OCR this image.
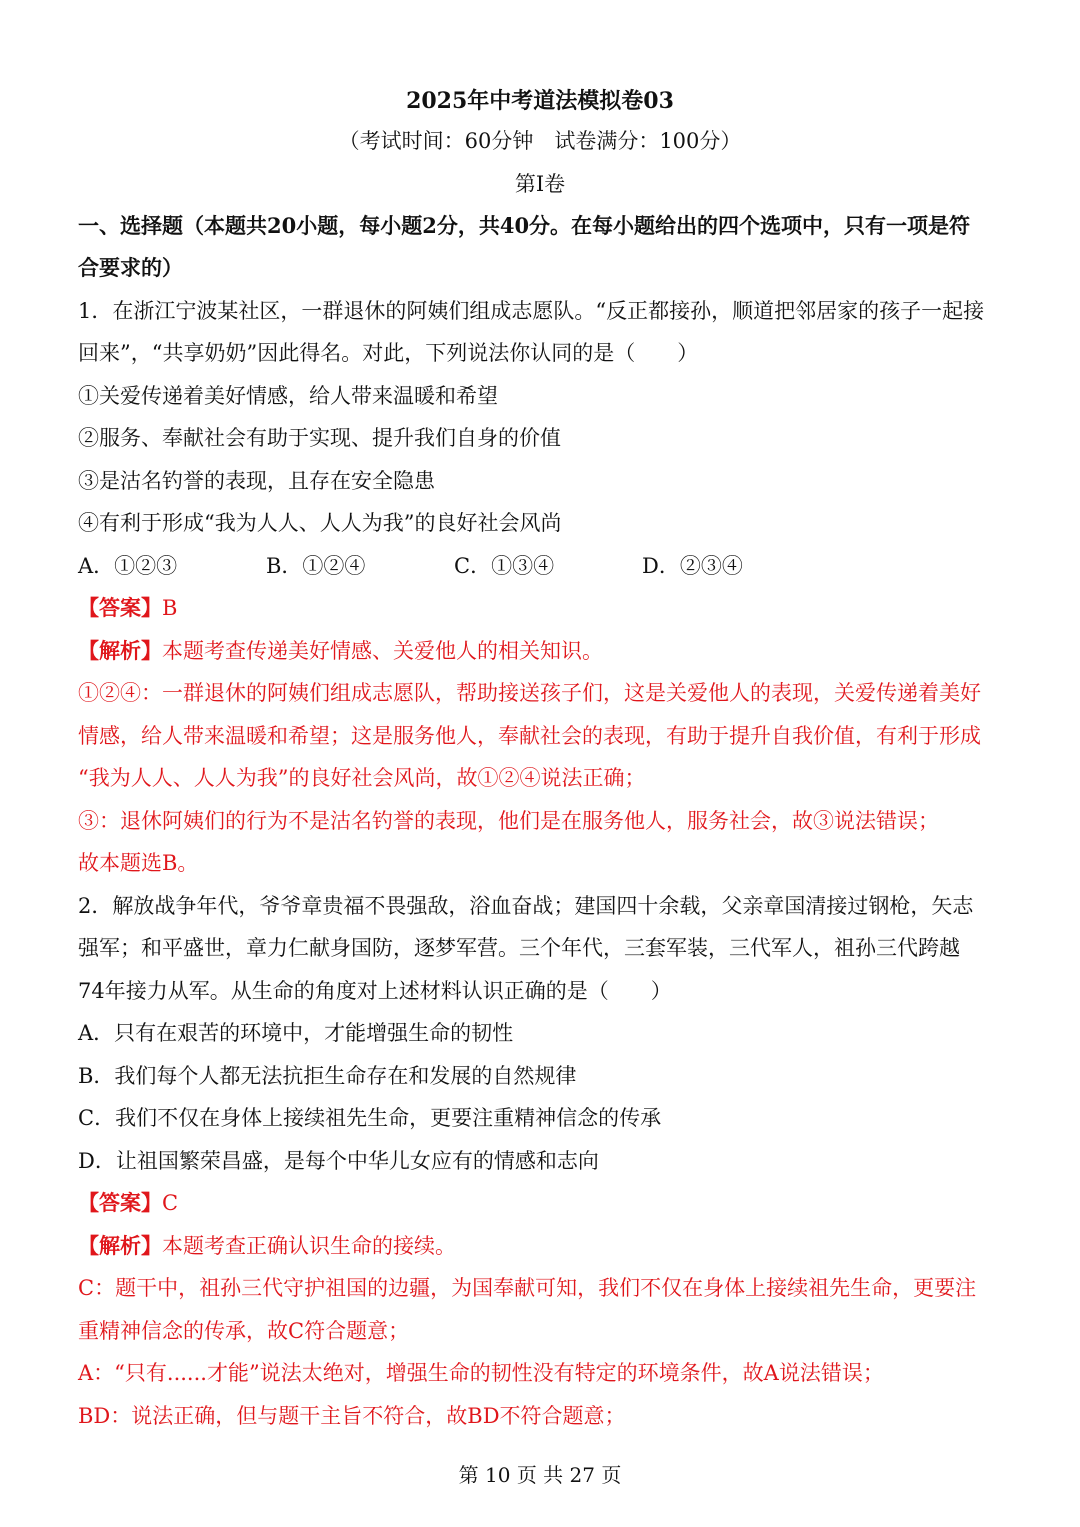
2025年中考道法模拟卷03
（考试时间：60分钟　试卷满分：100分）
第Ⅰ卷
一、选择题（本题共20小题，每小题2分，共40分。在每小题给出的四个选项中，只有一项是符
合要求的）
1．在浙江宁波某社区，一群退休的阿姨们组成志愿队。“反正都接孙，顺道把邻居家的孩子一起接
回来”，“共享奶奶”因此得名。对此，下列说法你认同的是（　　）
①关爱传递着美好情感，给人带来温暖和希望
②服务、奉献社会有助于实现、提升我们自身的价值
③是沽名钓誉的表现，且存在安全隐患
④有利于形成“我为人人、人人为我”的良好社会风尚
A．①②③	B．①②④	C．①③④	D．②③④
【答案】B
【解析】本题考查传递美好情感、关爱他人的相关知识。
①②④：一群退休的阿姨们组成志愿队，帮助接送孩子们，这是关爱他人的表现，关爱传递着美好
情感，给人带来温暖和希望；这是服务他人，奉献社会的表现，有助于提升自我价值，有利于形成
“我为人人、人人为我”的良好社会风尚，故①②④说法正确；
③：退休阿姨们的行为不是沽名钓誉的表现，他们是在服务他人，服务社会，故③说法错误；
故本题选B。
2．解放战争年代，爷爷章贵福不畏强敌，浴血奋战；建国四十余载，父亲章国清接过钢枪，矢志
强军；和平盛世，章力仁献身国防，逐梦军营。三个年代，三套军装，三代军人，祖孙三代跨越
74年接力从军。从生命的角度对上述材料认识正确的是（　　）
A．只有在艰苦的环境中，才能增强生命的韧性
B．我们每个人都无法抗拒生命存在和发展的自然规律
C．我们不仅在身体上接续祖先生命，更要注重精神信念的传承
D．让祖国繁荣昌盛，是每个中华儿女应有的情感和志向
【答案】C
【解析】本题考查正确认识生命的接续。
C：题干中，祖孙三代守护祖国的边疆，为国奉献可知，我们不仅在身体上接续祖先生命，更要注
重精神信念的传承，故C符合题意；
A：“只有......才能”说法太绝对，增强生命的韧性没有特定的环境条件，故A说法错误；
BD：说法正确，但与题干主旨不符合，故BD不符合题意；
第 10 页 共 27 页
